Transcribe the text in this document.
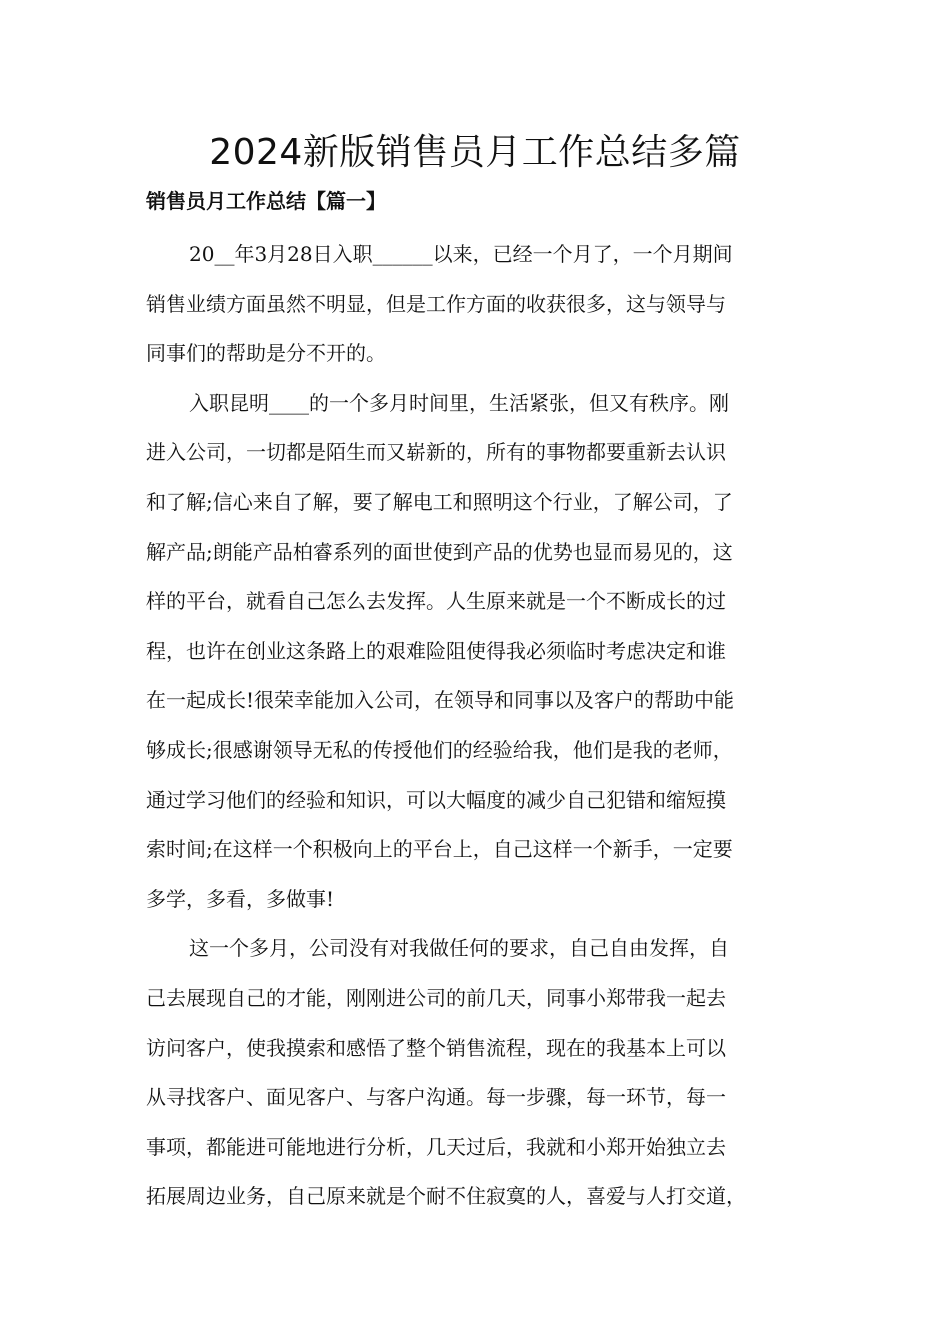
2024新版销售员月工作总结多篇
销售员月工作总结【篇一】
20__年3月28日入职______以来，已经一个月了，一个月期间
销售业绩方面虽然不明显，但是工作方面的收获很多，这与领导与
同事们的帮助是分不开的。
入职昆明____的一个多月时间里，生活紧张，但又有秩序。刚
进入公司，一切都是陌生而又崭新的，所有的事物都要重新去认识
和了解;信心来自了解，要了解电工和照明这个行业，了解公司，了
解产品;朗能产品柏睿系列的面世使到产品的优势也显而易见的，这
样的平台，就看自己怎么去发挥。人生原来就是一个不断成长的过
程，也许在创业这条路上的艰难险阻使得我必须临时考虑决定和谁
在一起成长!很荣幸能加入公司，在领导和同事以及客户的帮助中能
够成长;很感谢领导无私的传授他们的经验给我，他们是我的老师，
通过学习他们的经验和知识，可以大幅度的减少自己犯错和缩短摸
索时间;在这样一个积极向上的平台上，自己这样一个新手，一定要
多学，多看，多做事!
这一个多月，公司没有对我做任何的要求，自己自由发挥，自
己去展现自己的才能，刚刚进公司的前几天，同事小郑带我一起去
访问客户，使我摸索和感悟了整个销售流程，现在的我基本上可以
从寻找客户、面见客户、与客户沟通。每一步骤，每一环节，每一
事项，都能进可能地进行分析，几天过后，我就和小郑开始独立去
拓展周边业务，自己原来就是个耐不住寂寞的人，喜爱与人打交道，
